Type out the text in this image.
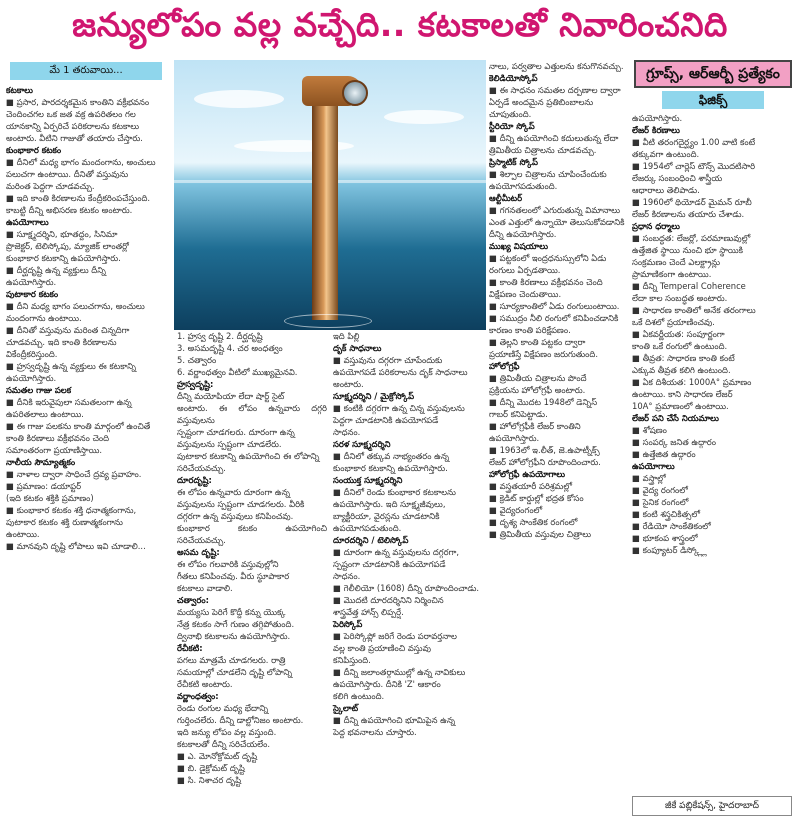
జన్యులోపం వల్ల వచ్చేది.. కటకాలతో నివారించనిది
మే 1 తరువాయి...
కటకాలు
■ ప్రసార, పారదర్శకమైన కాంతిని వక్రీభవనం
చెందించగల ఒక జత వక్ర ఉపరితలం గల
యానకాన్ని ఏర్పరిచే పరికరాలను కటకాలు
అంటారు. వీటిని గాజుతో తయారు చేస్తారు.
కుంభాకార కటకం
■ దీనిలో మధ్య భాగం మందంగాను, అంచులు
పలుచగా ఉంటాయి. దీనితో వస్తువును
మరింత పెద్దగా చూడవచ్చు.
■ ఇది కాంతి కిరణాలను కేంద్రీకరింపచేస్తుంది.
కాబట్టి దీన్ని అభిసరణ కటకం అంటారు.
ఉపయోగాలు
■ సూక్ష్మదర్శిని, భూతద్దం, సినిమా
ప్రొజెక్టర్, టెలిస్కోపు, మ్యాజిక్ లాంతర్లో
కుంభాకార కటకాన్ని ఉపయోగిస్తారు.
■ దీర్ఘదృష్టి ఉన్న వ్యక్తులు దీన్ని
ఉపయోగిస్తారు.
పుటాకార కటకం
■ దీని మధ్య భాగం పలుచగాను, అంచులు
మందంగాను ఉంటాయి.
■ దీనితో వస్తువును మరింత చిన్నదిగా
చూడవచ్చు. ఇది కాంతి కిరణాలను
వికేంద్రీకరిస్తుంది.
■ హ్రస్వదృష్టి ఉన్న వ్యక్తులు ఈ కటకాన్ని
ఉపయోగిస్తారు.
సమతల గాజు పలక
■ దీనికి ఇరువైపులా సమతలంగా ఉన్న
ఉపరితలాలు ఉంటాయి.
■ ఈ గాజు పలకను కాంతి మార్గంలో ఉంచితే
కాంతి కిరణాలు వక్రీభవనం చెంది
సమాంతరంగా ప్రయాణిస్తాయి.
నాలీయ సౌమ్యాత్మకం
■ నాళాల ద్వారా సాధించే ద్రవ్య ప్రవాహం.
■ ప్రమాణం: డయాప్టర్
(ఇది కటకం శక్తికి ప్రమాణం)
■ కుంభాకార కటకం శక్తి ధనాత్మకంగాను,
పుటాకార కటకం శక్తి రుణాత్మకంగాను
ఉంటాయి.
■ మానవుని దృష్టి లోపాలు ఇవి చూడాలి...
1. హ్రస్వ దృష్టి 2. దీర్ఘదృష్టి
3. అసమదృష్టి 4. చర అంధత్వం
5. చత్వారం
6. వర్ణాంధత్వం వీటిలో ముఖ్యమైనవి.
హ్రస్వదృష్టి:
దీన్ని మయోపియా లేదా షార్ట్ సైట్
అంటారు. ఈ లోపం ఉన్నవారు దగ్గరి వస్తువులను
స్పష్టంగా చూడగలరు. దూరంగా ఉన్న
వస్తువులను స్పష్టంగా చూడలేరు.
పుటాకార కటకాన్ని ఉపయోగించి ఈ లోపాన్ని
సరిచేయవచ్చు.
దూరదృష్టి:
ఈ లోపం ఉన్నవారు దూరంగా ఉన్న
వస్తువులను స్పష్టంగా చూడగలరు. వీరికి
దగ్గరగా ఉన్న వస్తువులు కనిపించవు.
కుంభాకార కటకం ఉపయోగించి సరిచేయవచ్చు.
అసమ దృష్టి:
ఈ లోపం గలవారికి వస్తువుల్లోని
గీతలు కనిపించవు. వీరు స్థూపాకార
కటకాలు వాడాలి.
చత్వారం:
మయ్యసు పెరిగే కొద్దీ కన్ను యొక్క
నేత్ర కటకం సాగే గుణం తగ్గిపోతుంది.
ద్వినాభి కటకాలను ఉపయోగిస్తారు.
రేచీకటి:
పగలు మాత్రమే చూడగలరు. రాత్రి
సమయాల్లో చూడలేని దృష్టి లోపాన్ని
రేచీకటి అంటారు.
వర్ణాంధత్వం:
రెండు రంగుల మధ్య భేదాన్ని
గుర్తించలేరు. దీన్ని డాల్టోనిజం అంటారు.
ఇది జన్యు లోపం వల్ల వస్తుంది.
కటకాలతో దీన్ని సరిచేయలేం.
■ ఎ. మోనోక్రోమట్ దృష్టి
■ బి. డైక్రోమట్ దృష్టి
■ సి. నిశాచర దృష్టి
ఇది పిల్లి
దృక్ సాధనాలు
■ వస్తువును దగ్గరగా చూపేందుకు
ఉపయోగపడే పరికరాలను దృక్ సాధనాలు
అంటారు.
సూక్ష్మదర్శిని / మైక్రోస్కోప్
■ కంటికి దగ్గరగా ఉన్న చిన్న వస్తువులను
పెద్దగా చూడటానికి ఉపయోగపడే
సాధనం.
సరళ సూక్ష్మదర్శిని
■ దీనిలో తక్కువ నాభ్యంతరం ఉన్న
కుంభాకార కటకాన్ని ఉపయోగిస్తారు.
సంయుక్త సూక్ష్మదర్శిని
■ దీనిలో రెండు కుంభాకార కటకాలను
ఉపయోగిస్తారు. ఇది సూక్ష్మజీవులు,
బ్యాక్టీరియా, వైరస్లను చూడటానికి
ఉపయోగపడుతుంది.
దూరదర్శిని / టెలిస్కోప్
■ దూరంగా ఉన్న వస్తువులను దగ్గరగా,
స్పష్టంగా చూడటానికి ఉపయోగపడే
సాధనం.
■ గెలీలియో (1608) దీన్ని రూపొందించాడు.
■ మొదటి దూరదర్శినిని నిర్మించిన
శాస్త్రవేత్త హాన్స్ లిప్పర్షే.
పెరిస్కోప్
■ పెరిస్కోప్లో జరిగే రెండు పరావర్తనాల
వల్ల కాంతి ప్రయాణించి వస్తువు
కనిపిస్తుంది.
■ దీన్ని జలాంతర్గాముల్లో ఉన్న నావికులు
ఉపయోగిస్తారు. దీనికి 'Z' ఆకారం
కలిగి ఉంటుంది.
స్కైలాట్
■ దీన్ని ఉపయోగించి భూమిపైన ఉన్న
పెద్ద భవనాలను చూస్తారు.
నాలు, పర్వతాల ఎత్తులను కనుగొనవచ్చు.
కెలిడియోస్కోప్
■ ఈ సాధనం సమతల దర్పణాల ద్వారా
ఏర్పడే అందమైన ప్రతిబింబాలను
చూపుతుంది.
స్టీరియో స్కోప్
■ దీన్ని ఉపయోగించి కదులుతున్న లేదా
త్రిమితీయ చిత్రాలను చూడవచ్చు.
ప్రిస్మాటిక్ స్కోప్
■ శిల్పాల చిత్రాలను చూపించేందుకు
ఉపయోగపడుతుంది.
ఆల్టీమీటర్
■ గగనతలంలో ఎగురుతున్న విమానాలు
ఎంత ఎత్తులో ఉన్నాయో తెలుసుకోవడానికి
దీన్ని ఉపయోగిస్తారు.
ముఖ్య విషయాలు
■ పట్టకంలో ఇంద్రధనుస్సులోని ఏడు
రంగులు ఏర్పడతాయి.
■ కాంతి కిరణాలు వక్రీభవనం చెంది
విక్షేపణం చెందుతాయి.
■ సూర్యకాంతిలో ఏడు రంగులుంటాయి.
■ సముద్రం నీలి రంగులో కనిపించడానికి
కారణం కాంతి పరిక్షేపణం.
■ తెల్లని కాంతి పట్టకం ద్వారా
ప్రయాణిస్తే విక్షేపణం జరుగుతుంది.
హోలోగ్రఫీ
■ త్రిమితీయ చిత్రాలను పొందే
ప్రక్రియను హోలోగ్రఫీ అంటారు.
■ దీన్ని మొదట 1948లో డెన్నిస్
గాబర్ కనిపెట్టాడు.
■ హోలోగ్రఫీకి లేజర్ కాంతిని
ఉపయోగిస్తారు.
■ 1963లో ఇ.లీత్, జె.ఉపాట్నీక్స్
లేజర్ హోలోగ్రఫీని రూపొందించారు.
హోలోగ్రఫీ ఉపయోగాలు
■ వస్త్రతయారీ పరిశ్రమల్లో
■ క్రెడిట్ కార్డుల్లో భద్రత కోసం
■ వైద్యరంగంలో
■ దృశ్య సాంకేతిక రంగంలో
■ త్రిమితీయ వస్తువుల చిత్రాలు
గ్రూప్స్, ఆర్ఆర్బీ ప్రత్యేకం
ఫిజిక్స్
ఉపయోగిస్తారు.
లేజర్ కిరణాలు
■ వీటి తరంగదైర్ఘ్యం 1.00 వాటి కంటే
తక్కువగా ఉంటుంది.
■ 1954లో చార్లెస్ టౌన్స్ మొదటిసారి
లేజర్కు సంబంధించి శాస్త్రీయ
ఆధారాలు తెలిపాడు.
■ 1960లో థియోడర్ మైమన్ రూబీ
లేజర్ కిరణాలను తయారు చేశాడు.
ప్రధాన ధర్మాలు
■ సంబద్ధత: లేజర్లో, పరమాణువుల్లో
ఉత్తేజిత స్థాయి నుంచి భూ స్థాయికి
సంక్రమణం చెందే ఎలక్ట్రాన్లు
ప్రామాణికంగా ఉంటాయి.
■ దీన్ని Temperal Coherence
లేదా కాల సంబద్ధత అంటారు.
■ సాధారణ కాంతిలో అనేక తరంగాలు
ఒకే దిశలో ప్రయాణించవు.
■ ఏకవర్ణీయత: సంపూర్ణంగా
కాంతి ఒకే రంగులో ఉంటుంది.
■ తీవ్రత: సాధారణ కాంతి కంటే
ఎక్కువ తీవ్రత కలిగి ఉంటుంది.
■ ఏక దిశీయత: 1000A° ప్రమాణం
ఉంటాయి. కాని సాధారణ లేజర్
10A° ప్రమాణంలో ఉంటాయి.
లేజర్ పని చేసే నియమాలు
■ శోషణం
■ సంపర్క జనిత ఉద్గారం
■ ఉత్తేజిత ఉద్గారం
ఉపయోగాలు
■ వస్త్రాల్లో
■ వైద్య రంగంలో
■ సైనిక రంగంలో
■ కంటి శస్త్రచికిత్సలో
■ రేడియో సాంకేతికంలో
■ భూకంప శాస్త్రంలో
■ కంప్యూటర్ డిస్క్ల్లో
జీకే పబ్లికేషన్స్, హైదరాబాద్
